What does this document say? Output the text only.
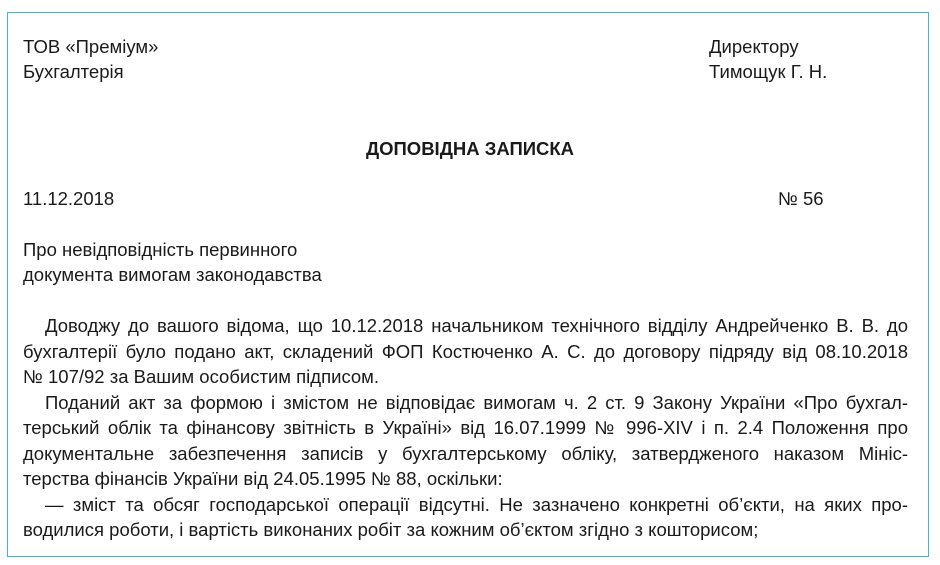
ТОВ «Преміум»
Бухгалтерія
Директору
Тимощук Г. Н.
ДОПОВІДНА ЗАПИСКА
11.12.2018	№ 56
Про невідповідність первинного
документа вимогам законодавства
Доводжу до вашого відома, що 10.12.2018 начальником технічного відділу Андрейченко В. В. до
бухгалтерії було подано акт, складений ФОП Костюченко А. С. до договору підряду від 08.10.2018
№ 107/92 за Вашим особистим підписом.
Поданий акт за формою і змістом не відповідає вимогам ч. 2 ст. 9 Закону України «Про бухгал-
терський облік та фінансову звітність в Україні» від 16.07.1999 № 996-XIV і п. 2.4 Положення про
документальне забезпечення записів у бухгалтерському обліку, затвердженого наказом Мініс-
терства фінансів України від 24.05.1995 № 88, оскільки:
— зміст та обсяг господарської операції відсутні. Не зазначено конкретні об’єкти, на яких про-
водилися роботи, і вартість виконаних робіт за кожним об’єктом згідно з кошторисом;
